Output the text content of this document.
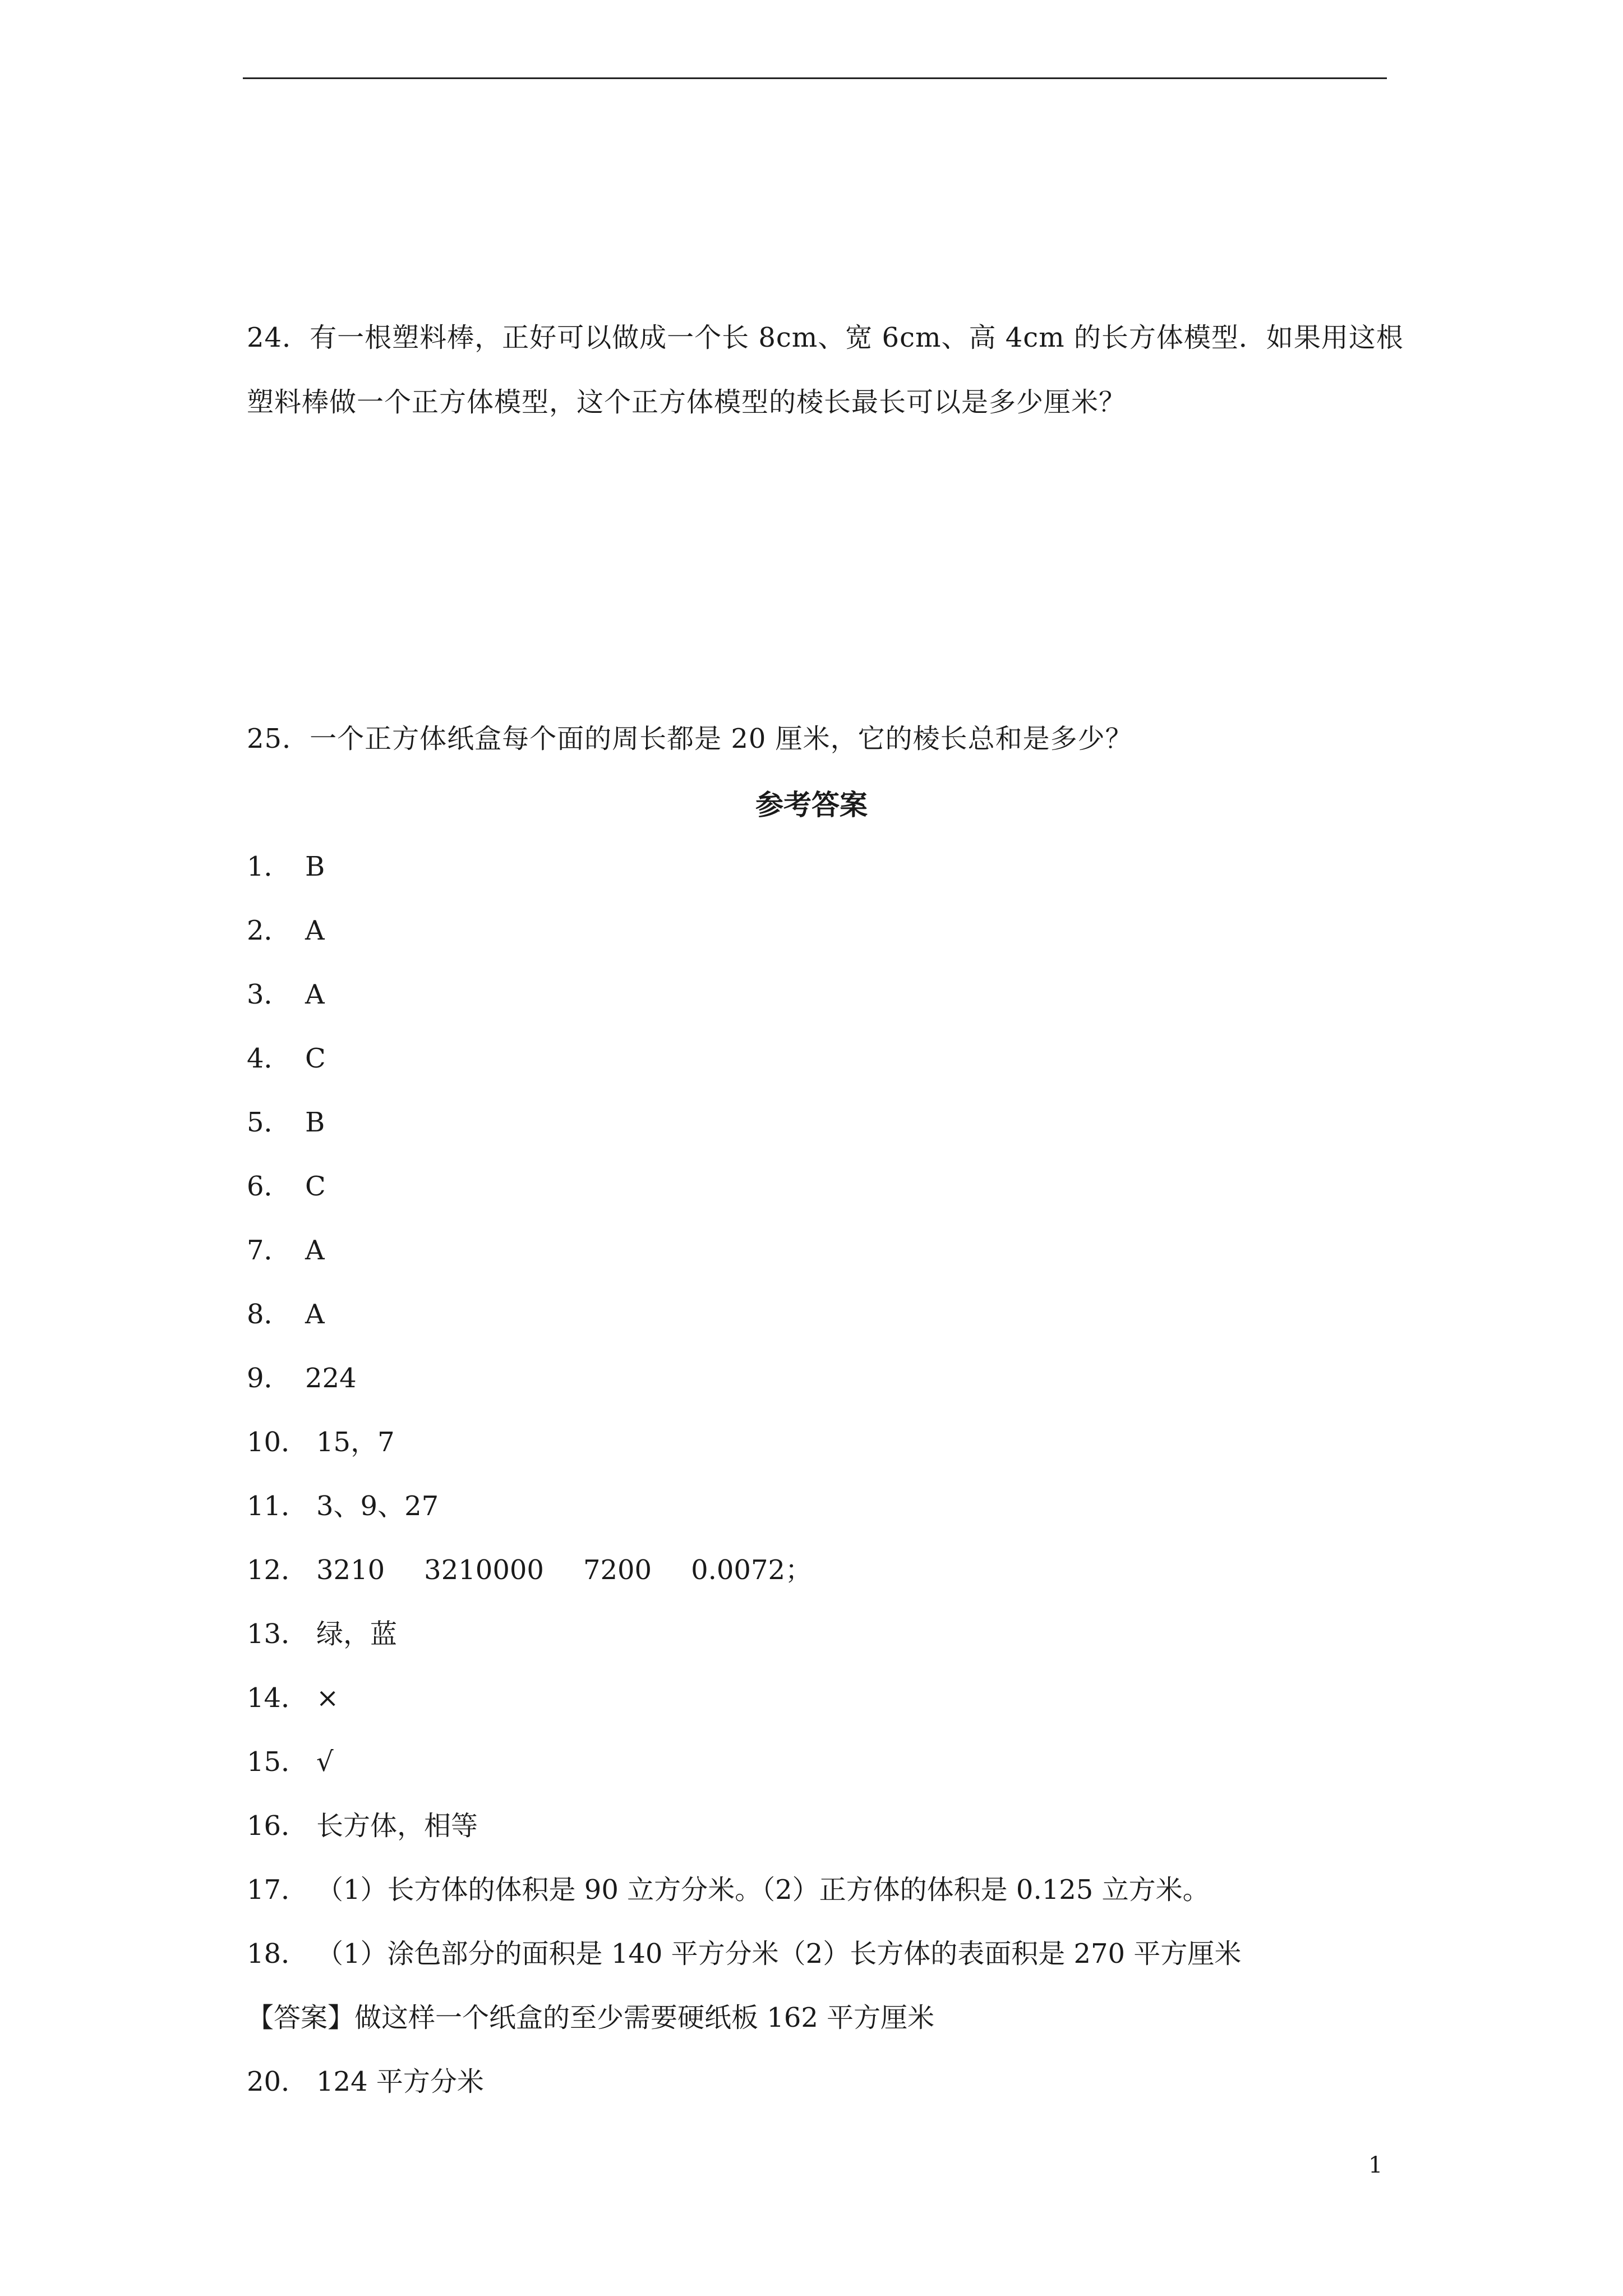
24．有一根塑料棒，正好可以做成一个长 8cm、宽 6cm、高 4cm 的长方体模型．如果用这根
塑料棒做一个正方体模型，这个正方体模型的棱长最长可以是多少厘米？
25．一个正方体纸盒每个面的周长都是 20 厘米，它的棱长总和是多少？
参考答案
1． B
2． A
3． A
4． C
5． B
6． C
7． A
8． A
9． 224
10． 15，7
11． 3、9、27
12． 3210 3210000 7200 0.0072；
13． 绿，蓝
14． ×
15． √
16． 长方体，相等
17． （1）长方体的体积是 90 立方分米。（2）正方体的体积是 0.125 立方米。
18． （1）涂色部分的面积是 140 平方分米（2）长方体的表面积是 270 平方厘米
【答案】做这样一个纸盒的至少需要硬纸板 162 平方厘米
20． 124 平方分米
1
